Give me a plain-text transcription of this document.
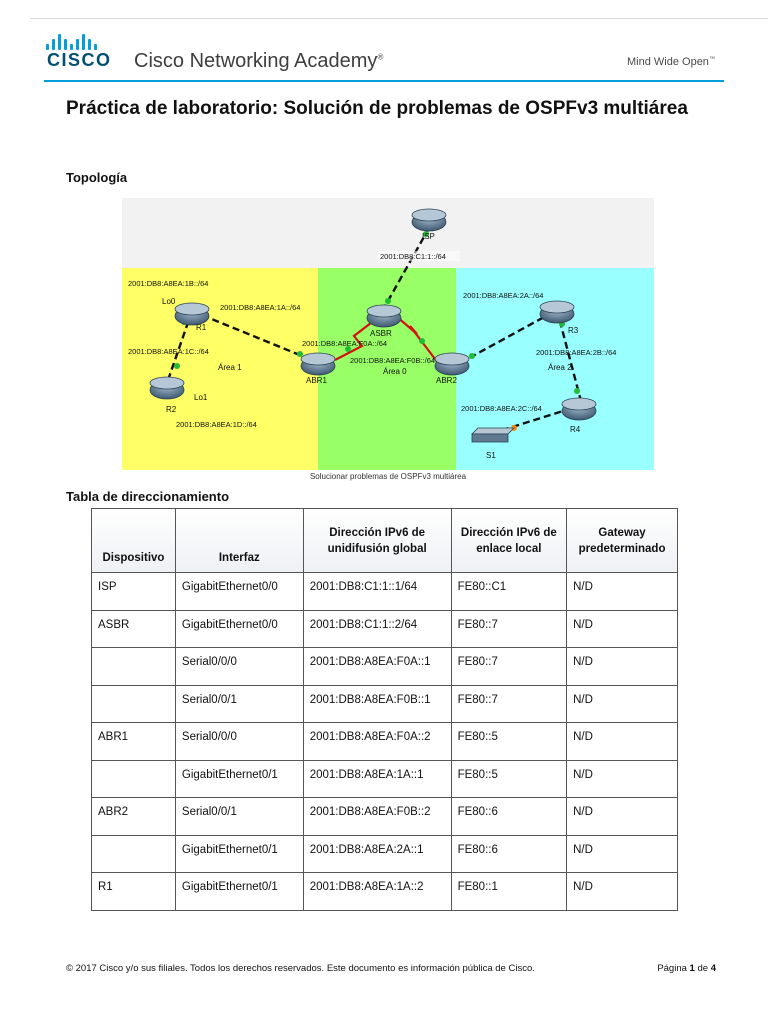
CISCO Cisco Networking Academy®	Mind Wide Open™
Práctica de laboratorio: Solución de problemas de OSPFv3 multiárea
Topología
ISP
ASBR
R1
R2
ABR1	ABR2
R3
R4
S1
Lo0
Lo1
Área 1	Área 0	Área 2
2001:DB8:C1:1::/64
2001:DB8:A8EA:1B::/64
2001:DB8:A8EA:1A::/64
2001:DB8:A8EA:1C::/64
2001:DB8:A8EA:1D::/64
2001:DB8:A8EA:F0A::/64
2001:DB8:A8EA:F0B::/64
2001:DB8:A8EA:2A::/64
2001:DB8:A8EA:2B::/64
2001:DB8:A8EA:2C::/64
Solucionar problemas de OSPFv3 multiárea
Tabla de direccionamiento
Dispositivo	Interfaz	Dirección IPv6 de unidifusión global	Dirección IPv6 de enlace local	Gateway predeterminado
ISP	GigabitEthernet0/0	2001:DB8:C1:1::1/64	FE80::C1	N/D
ASBR	GigabitEthernet0/0	2001:DB8:C1:1::2/64	FE80::7	N/D
	Serial0/0/0	2001:DB8:A8EA:F0A::1	FE80::7	N/D
	Serial0/0/1	2001:DB8:A8EA:F0B::1	FE80::7	N/D
ABR1	Serial0/0/0	2001:DB8:A8EA:F0A::2	FE80::5	N/D
	GigabitEthernet0/1	2001:DB8:A8EA:1A::1	FE80::5	N/D
ABR2	Serial0/0/1	2001:DB8:A8EA:F0B::2	FE80::6	N/D
	GigabitEthernet0/1	2001:DB8:A8EA:2A::1	FE80::6	N/D
R1	GigabitEthernet0/1	2001:DB8:A8EA:1A::2	FE80::1	N/D
© 2017 Cisco y/o sus filiales. Todos los derechos reservados. Este documento es información pública de Cisco.	Página 1 de 4
